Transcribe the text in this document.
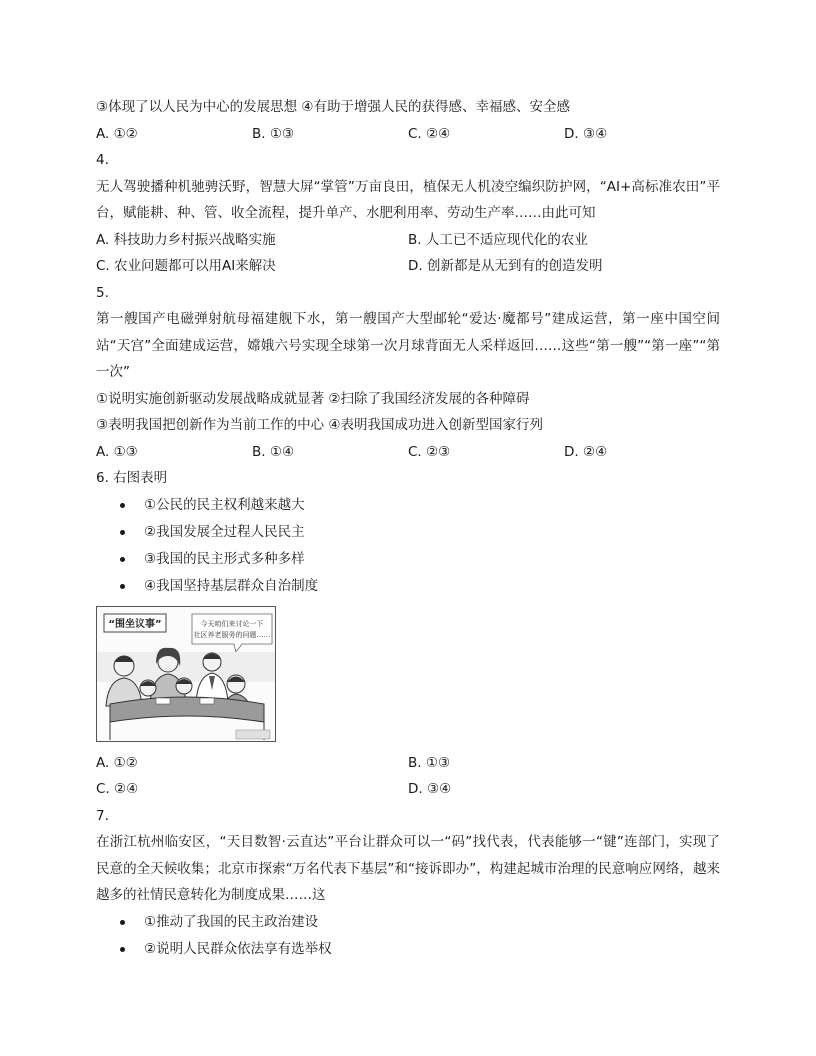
③体现了以人民为中心的发展思想 ④有助于增强人民的获得感、幸福感、安全感
A. ①②	B. ①③	C. ②④	D. ③④
4.
无人驾驶播种机驰骋沃野，智慧大屏“掌管”万亩良田，植保无人机凌空编织防护网，“AI+高标准农田”平台，赋能耕、种、管、收全流程，提升单产、水肥利用率、劳动生产率……由此可知
A. 科技助力乡村振兴战略实施	B. 人工已不适应现代化的农业
C. 农业问题都可以用AI来解决	D. 创新都是从无到有的创造发明
5.
第一艘国产电磁弹射航母福建舰下水，第一艘国产大型邮轮“爱达·魔都号”建成运营，第一座中国空间站“天宫”全面建成运营，嫦娥六号实现全球第一次月球背面无人采样返回……这些“第一艘”“第一座”“第一次”
①说明实施创新驱动发展战略成就显著 ②扫除了我国经济发展的各种障碍
③表明我国把创新作为当前工作的中心 ④表明我国成功进入创新型国家行列
A. ①③	B. ①④	C. ②③	D. ②④
6. 右图表明
①公民的民主权利越来越大
②我国发展全过程人民民主
③我国的民主形式多种多样
④我国坚持基层群众自治制度
“围坐议事”	今天咱们来讨论一下
社区养老服务的问题……
A. ①②	B. ①③
C. ②④	D. ③④
7.
在浙江杭州临安区，“天目数智·云直达”平台让群众可以一“码”找代表，代表能够一“键”连部门，实现了民意的全天候收集；北京市探索“万名代表下基层”和“接诉即办”，构建起城市治理的民意响应网络，越来越多的社情民意转化为制度成果……这
①推动了我国的民主政治建设
②说明人民群众依法享有选举权
